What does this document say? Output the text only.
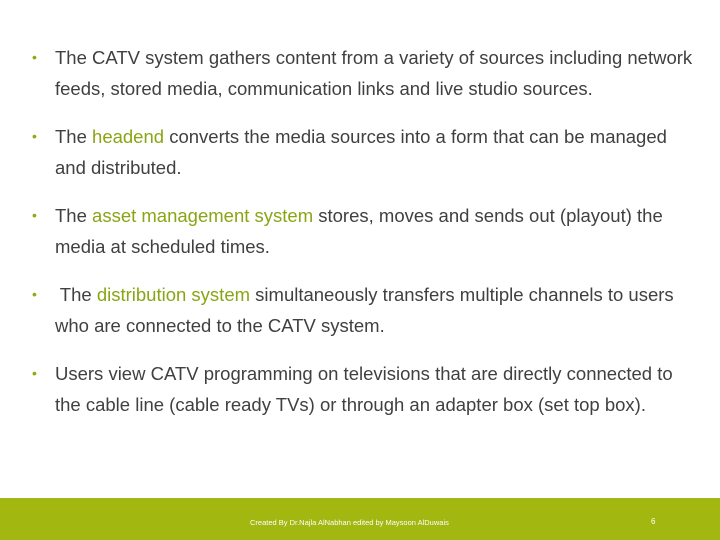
• The CATV system gathers content from a variety of sources including network feeds, stored media, communication links and live studio sources.
• The headend converts the media sources into a form that can be managed and distributed.
• The asset management system stores, moves and sends out (playout) the media at scheduled times.
• The distribution system simultaneously transfers multiple channels to users who are connected to the CATV system.
• Users view CATV programming on televisions that are directly connected to the cable line (cable ready TVs) or through an adapter box (set top box).
Created By Dr.Najla AlNabhan edited by Maysoon AlDuwais	6
